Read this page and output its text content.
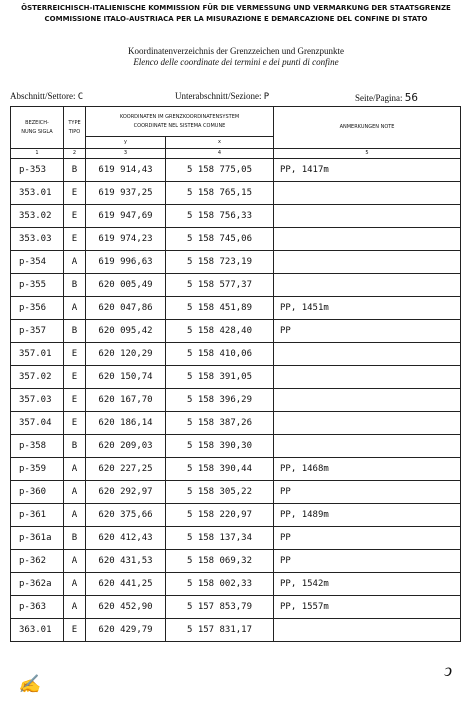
ÖSTERREICHISCH-ITALIENISCHE KOMMISSION FÜR DIE VERMESSUNG UND VERMARKUNG DER STAATSGRENZE
COMMISSIONE ITALO-AUSTRIACA PER LA MISURAZIONE E DEMARCAZIONE DEL CONFINE DI STATO
Koordinatenverzeichnis der Grenzzeichen und Grenzpunkte
Elenco delle coordinate dei termini e dei punti di confine
Abschnitt/Settore: C	Unterabschnitt/Sezione: P	Seite/Pagina: 56
BEZEICH- NUNG SIGLA	TYPE TIPO	KOORDINATEN IM GRENZKOORDINATENSYSTEM COORDINATE NEL SISTEMA COMUNE		ANMERKUNGEN NOTE
		y	x	
1	2	3	4	5
p-353	B	619 914,43	5 158 775,05	PP, 1417m
353.01	E	619 937,25	5 158 765,15	
353.02	E	619 947,69	5 158 756,33	
353.03	E	619 974,23	5 158 745,06	
p-354	A	619 996,63	5 158 723,19	
p-355	B	620 005,49	5 158 577,37	
p-356	A	620 047,86	5 158 451,89	PP, 1451m
p-357	B	620 095,42	5 158 428,40	PP
357.01	E	620 120,29	5 158 410,06	
357.02	E	620 150,74	5 158 391,05	
357.03	E	620 167,70	5 158 396,29	
357.04	E	620 186,14	5 158 387,26	
p-358	B	620 209,03	5 158 390,30	
p-359	A	620 227,25	5 158 390,44	PP, 1468m
p-360	A	620 292,97	5 158 305,22	PP
p-361	A	620 375,66	5 158 220,97	PP, 1489m
p-361a	B	620 412,43	5 158 137,34	PP
p-362	A	620 431,53	5 158 069,32	PP
p-362a	A	620 441,25	5 158 002,33	PP, 1542m
p-363	A	620 452,90	5 157 853,79	PP, 1557m
363.01	E	620 429,79	5 157 831,17	
✍
ↄ
